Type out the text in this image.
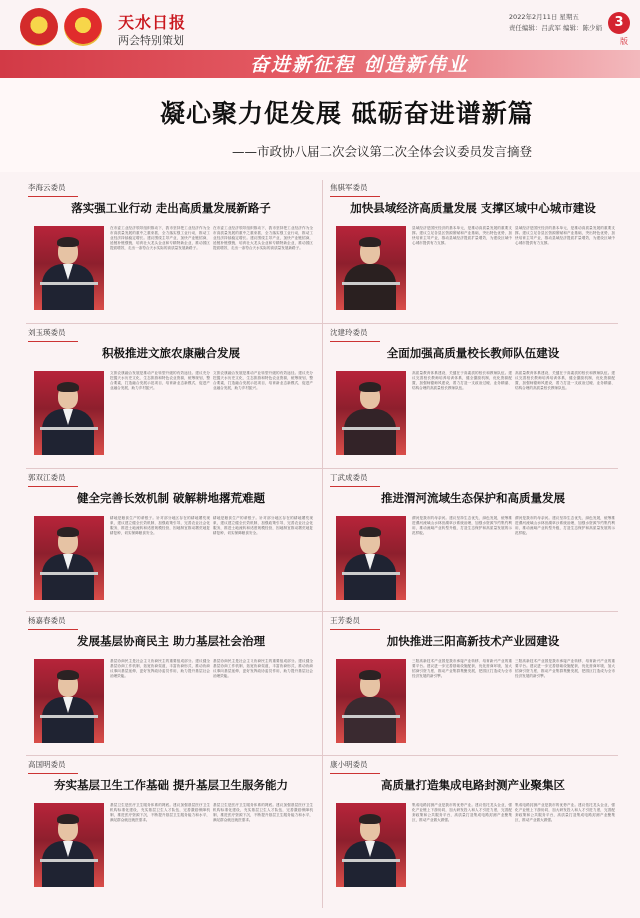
天水日报
两会特别策划
2022年2月11日 星期五
责任编辑：吕武军 编辑：陈少娟 3
版
奋进新征程 创造新伟业
凝心聚力促发展 砥砺奋进谱新篇
——市政协八届二次会议第二次全体会议委员发言摘登
李海云委员
落实强工业行动 走出高质量发展新路子
在市委工业经济领导组织推动下，我市坚持把工业经济作为全市高质量发展的重中之重来抓，全力落实强工业行动，推动工业经济持续稳定增长。建议围绕主导产业，加快产业链招商，延链补链强链，培育壮大龙头企业和专精特新企业，推动园区提质增效，走出一条符合天水实际的高质量发展新路子。
在市委工业经济领导组织推动下，我市坚持把工业经济作为全市高质量发展的重中之重来抓，全力落实强工业行动，推动工业经济持续稳定增长。建议围绕主导产业，加快产业链招商，延链补链强链，培育壮大龙头企业和专精特新企业，推动园区提质增效，走出一条符合天水实际的高质量发展新路子。
焦骐军委员
加快县域经济高质量发展 支撑区域中心城市建设
县域经济是国民经济的基本单元，是推动高质量发展的重要支撑。建议立足各县区资源禀赋和产业基础，突出特色优势，加快培育主导产业，推动县域经济提质扩量增效，为建设区域中心城市提供有力支撑。
县域经济是国民经济的基本单元，是推动高质量发展的重要支撑。建议立足各县区资源禀赋和产业基础，突出特色优势，加快培育主导产业，推动县域经济提质扩量增效，为建设区域中心城市提供有力支撑。
刘玉瑛委员
积极推进文旅农康融合发展
文旅农康融合发展是推动产业转型升级的有效途径。建议充分挖掘天水历史文化、生态旅游和特色农业资源，统筹规划，整合要素，打造融合发展示范项目，培育新业态新模式，促进产业融合发展，助力乡村振兴。
文旅农康融合发展是推动产业转型升级的有效途径。建议充分挖掘天水历史文化、生态旅游和特色农业资源，统筹规划，整合要素，打造融合发展示范项目，培育新业态新模式，促进产业融合发展，助力乡村振兴。
沈建玲委员
全面加强高质量校长教师队伍建设
高质量教育体系建设，关键在于高素质的校长和教师队伍。建议完善校长教师培养培训体系，健全激励机制，优化资源配置，加强师德师风建设，着力打造一支政治过硬、业务精湛、结构合理的高质量校长教师队伍。
高质量教育体系建设，关键在于高素质的校长和教师队伍。建议完善校长教师培养培训体系，健全激励机制，优化资源配置，加强师德师风建设，着力打造一支政治过硬、业务精湛、结构合理的高质量校长教师队伍。
郭双江委员
健全完善长效机制 破解耕地撂荒难题
耕地是粮食生产的命根子。针对部分地区存在的耕地撂荒现象，建议建立健全长效机制，加强政策引导，完善农业社会化服务，推进土地流转和适度规模经营，因地制宜推动撂荒地复耕复种，切实保障粮食安全。
耕地是粮食生产的命根子。针对部分地区存在的耕地撂荒现象，建议建立健全长效机制，加强政策引导，完善农业社会化服务，推进土地流转和适度规模经营，因地制宜推动撂荒地复耕复种，切实保障粮食安全。
丁武成委员
推进渭河流域生态保护和高质量发展
渭河是我市的母亲河。建议坚持生态优先、绿色发展，统筹推进渭河流域山水林田湖草沙系统治理，加强水资源节约集约利用，推动流域产业转型升级，打造生态保护和高质量发展的示范样板。
渭河是我市的母亲河。建议坚持生态优先、绿色发展，统筹推进渭河流域山水林田湖草沙系统治理，加强水资源节约集约利用，推动流域产业转型升级，打造生态保护和高质量发展的示范样板。
杨嘉春委员
发展基层协商民主 助力基层社会治理
基层协商民主是社会主义协商民主的重要组成部分。建议健全基层协商工作机制，拓宽协商渠道，丰富协商形式，推动协商议事向基层延伸，更好发挥政协委员作用，助力提升基层社会治理效能。
基层协商民主是社会主义协商民主的重要组成部分。建议健全基层协商工作机制，拓宽协商渠道，丰富协商形式，推动协商议事向基层延伸，更好发挥政协委员作用，助力提升基层社会治理效能。
王芳委员
加快推进三阳高新技术产业园建设
三阳高新技术产业园是我市承接产业转移、培育新兴产业的重要平台。建议进一步完善基础设施配套，优化营商环境，加大招商引资力度，推动产业集群集聚发展，把园区打造成为全市经济发展的新引擎。
三阳高新技术产业园是我市承接产业转移、培育新兴产业的重要平台。建议进一步完善基础设施配套，优化营商环境，加大招商引资力度，推动产业集群集聚发展，把园区打造成为全市经济发展的新引擎。
高国明委员
夯实基层卫生工作基础 提升基层卫生服务能力
基层卫生是医疗卫生服务体系的网底。建议加强基层医疗卫生机构标准化建设，充实基层卫生人才队伍，完善激励保障机制，推进医疗资源下沉，不断提升基层卫生服务能力和水平，满足群众就近就医需求。
基层卫生是医疗卫生服务体系的网底。建议加强基层医疗卫生机构标准化建设，充实基层卫生人才队伍，完善激励保障机制，推进医疗资源下沉，不断提升基层卫生服务能力和水平，满足群众就近就医需求。
康小明委员
高质量打造集成电路封测产业聚集区
集成电路封测产业是我市的优势产业。建议依托龙头企业，强化产业链上下游协同，加大研发投入和人才引进力度，完善配套政策和公共服务平台，高质量打造集成电路封测产业聚集区，推动产业做大做强。
集成电路封测产业是我市的优势产业。建议依托龙头企业，强化产业链上下游协同，加大研发投入和人才引进力度，完善配套政策和公共服务平台，高质量打造集成电路封测产业聚集区，推动产业做大做强。
